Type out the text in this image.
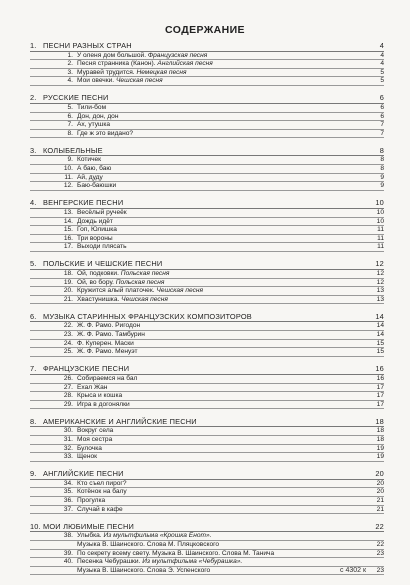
СОДЕРЖАНИЕ
1. ПЕСНИ РАЗНЫХ СТРАН	4
1. У оленя дом большой. Французская песня	4
2. Песня странника (Канон). Английская песня	4
3. Муравей трудится. Немецкая песня	5
4. Мои овечки. Чешская песня	5
2. РУССКИЕ ПЕСНИ	6
5. Тили-бом	6
6. Дон, дон, дон	6
7. Ах, утушка	7
8. Где ж это видано?	7
3. КОЛЫБЕЛЬНЫЕ	8
9. Котичек	8
10. А баю, баю	8
11. Ай, дуду	9
12. Баю-баюшки	9
4. ВЕНГЕРСКИЕ ПЕСНИ	10
13. Весёлый ручеёк	10
14. Дождь идёт	10
15. Гоп, Юлишка	11
16. Три вороны	11
17. Выходи плясать	11
5. ПОЛЬСКИЕ И ЧЕШСКИЕ ПЕСНИ	12
18. Ой, подковки. Польская песня	12
19. Ой, во бору. Польская песня	12
20. Кружится алый платочек. Чешская песня	13
21. Хвастунишка. Чешская песня	13
6. МУЗЫКА СТАРИННЫХ ФРАНЦУЗСКИХ КОМПОЗИТОРОВ	14
22. Ж. Ф. Рамо. Ригодон	14
23. Ж. Ф. Рамо. Тамбурин	14
24. Ф. Куперен. Маски	15
25. Ж. Ф. Рамо. Менуэт	15
7. ФРАНЦУЗСКИЕ ПЕСНИ	16
26. Собираемся на бал	16
27. Ехал Жан	17
28. Крыса и кошка	17
29. Игра в догонялки	17
8. АМЕРИКАНСКИЕ И АНГЛИЙСКИЕ ПЕСНИ	18
30. Вокруг села	18
31. Моя сестра	18
32. Булочка	19
33. Щенок	19
9. АНГЛИЙСКИЕ ПЕСНИ	20
34. Кто съел пирог?	20
35. Котёнок на балу	20
36. Прогулка	21
37. Случай в кафе	21
10. МОИ ЛЮБИМЫЕ ПЕСНИ	22
38. Улыбка. Из мультфильма «Крошка Енот».
Музыка В. Шаинского. Слова М. Пляцковского	22
39. По секрету всему свету. Музыка В. Шаинского. Слова М. Танича	23
40. Песенка Чебурашки. Из мультфильма «Чебурашка».
Музыка В. Шаинского. Слова Э. Успенского	23
с 4302 к
